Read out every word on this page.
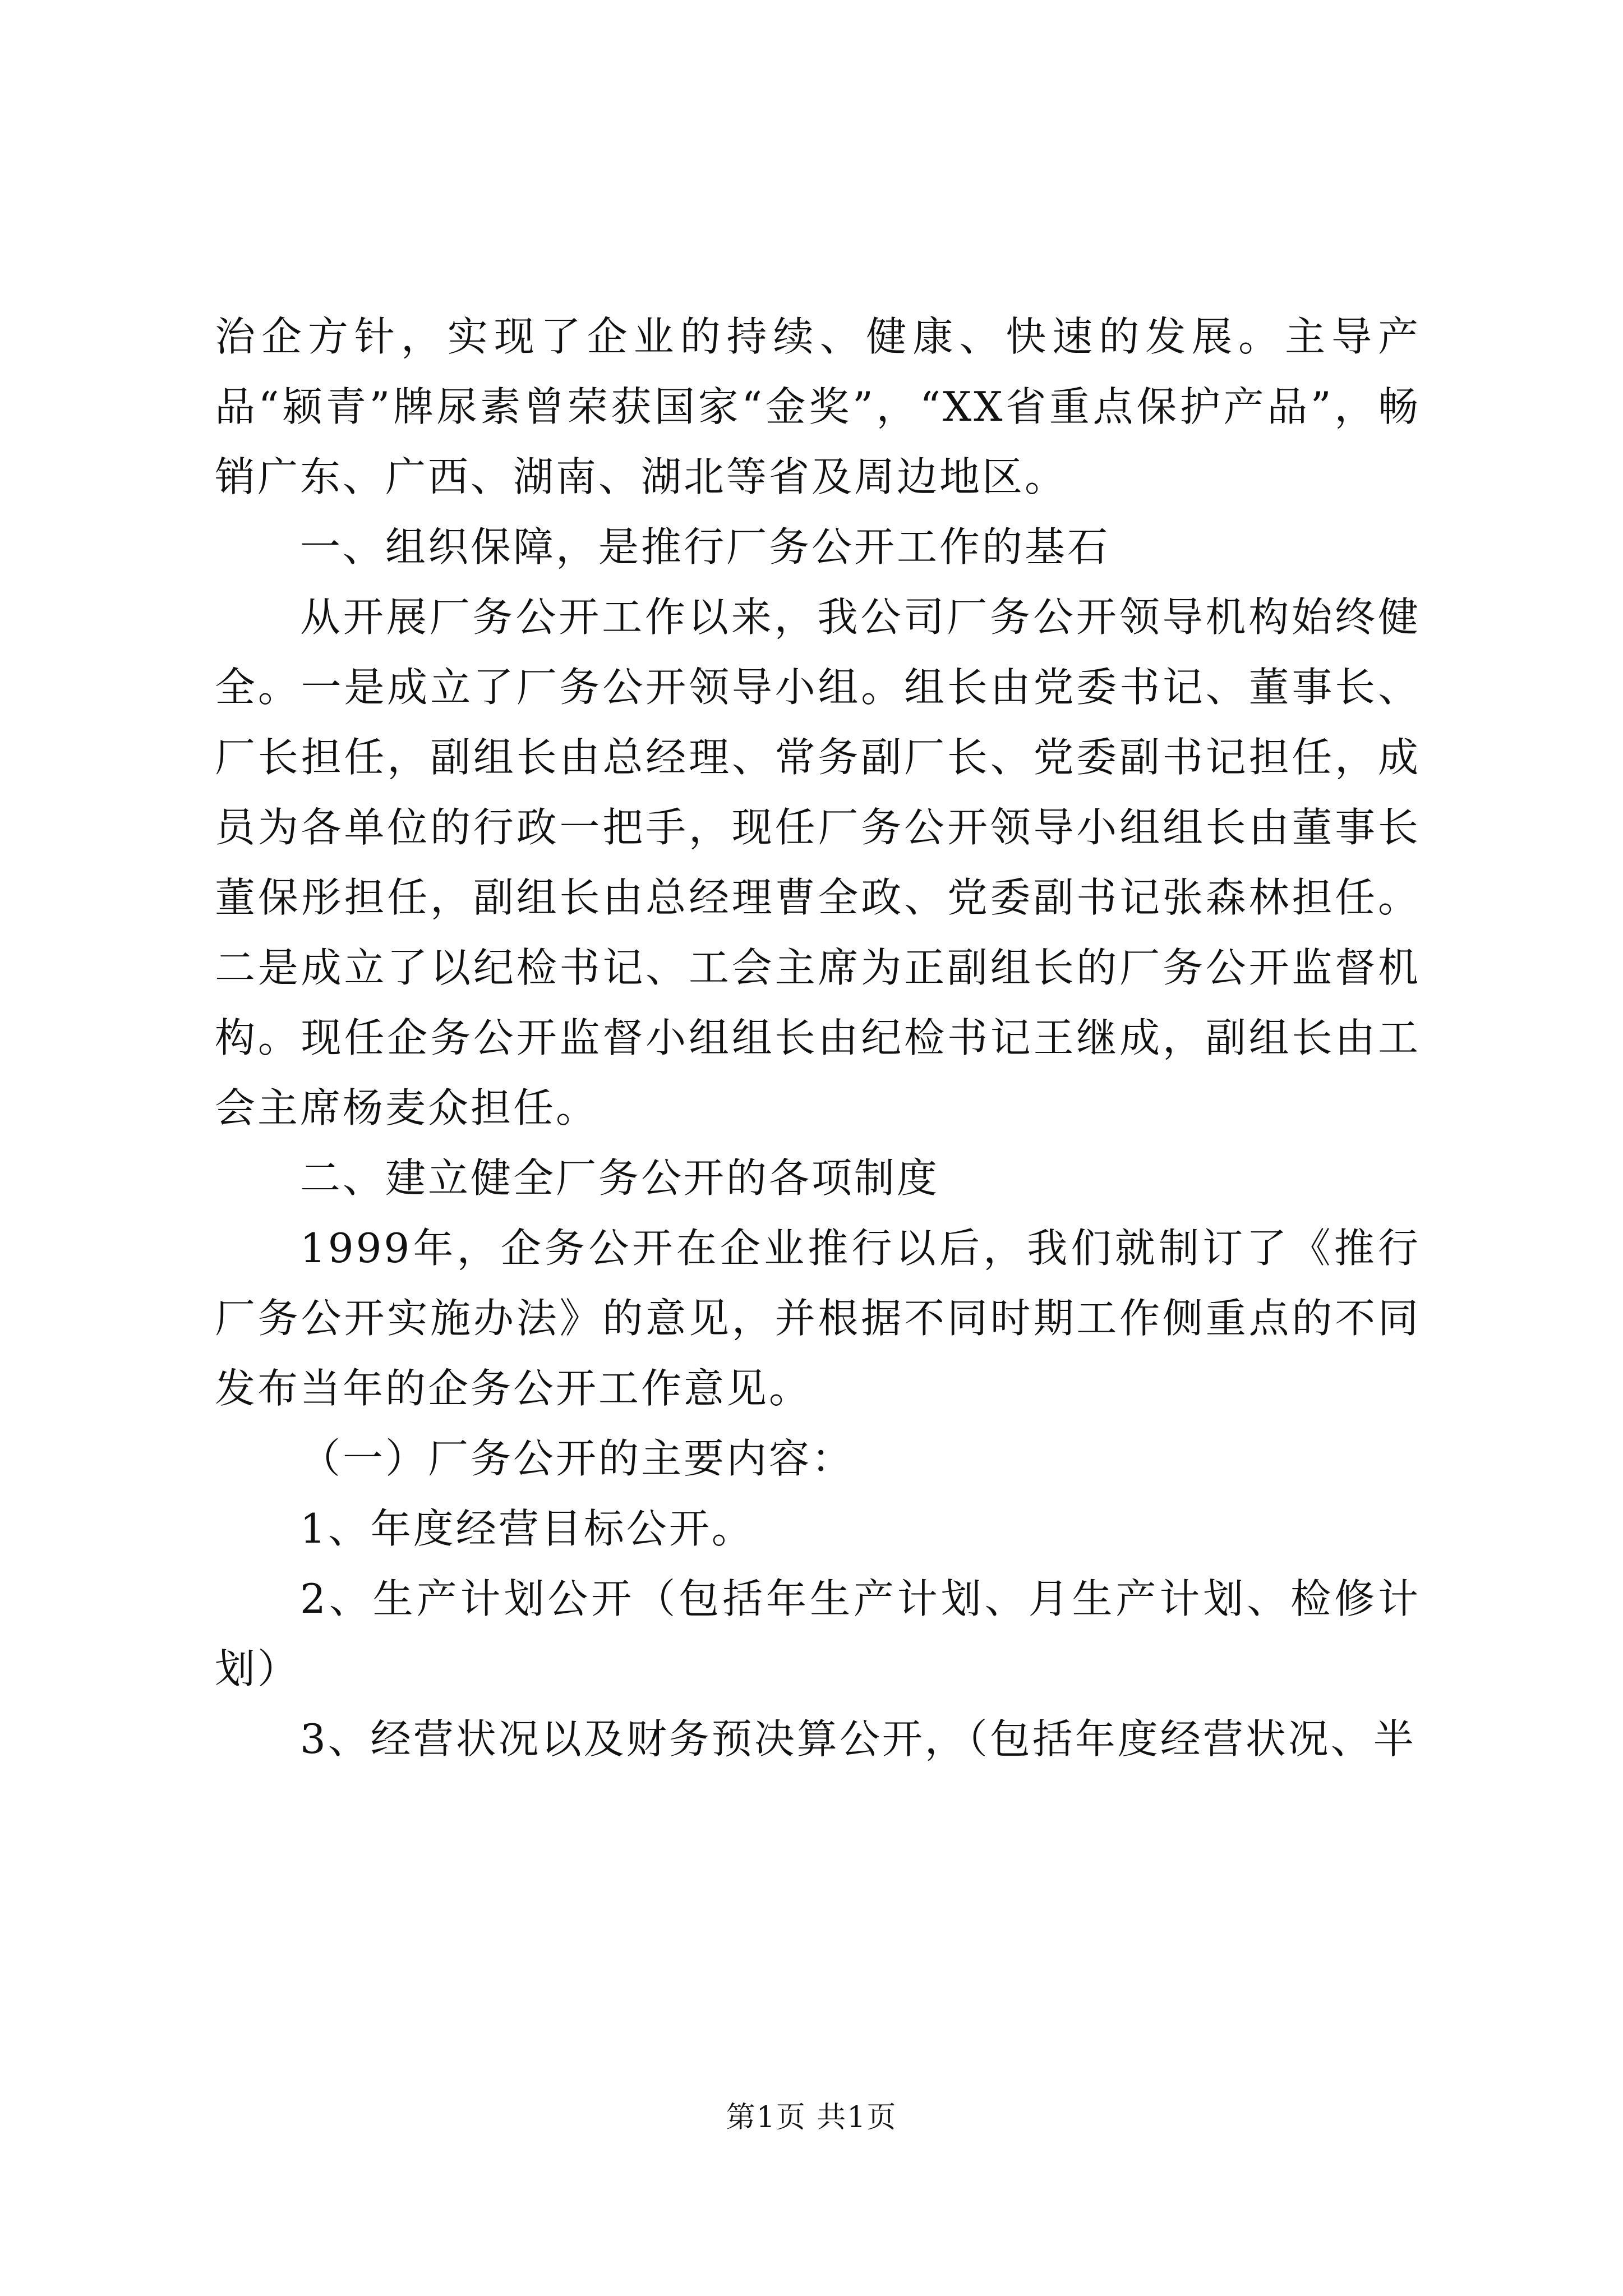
治企方针，实现了企业的持续、健康、快速的发展。主导产品“颍青”牌尿素曾荣获国家“金奖”，“XX省重点保护产品”，畅销广东、广西、湖南、湖北等省及周边地区。

一、组织保障，是推行厂务公开工作的基石

从开展厂务公开工作以来，我公司厂务公开领导机构始终健全。一是成立了厂务公开领导小组。组长由党委书记、董事长、厂长担任，副组长由总经理、常务副厂长、党委副书记担任，成员为各单位的行政一把手，现任厂务公开领导小组组长由董事长董保彤担任，副组长由总经理曹全政、党委副书记张森林担任。二是成立了以纪检书记、工会主席为正副组长的厂务公开监督机构。现任企务公开监督小组组长由纪检书记王继成，副组长由工会主席杨麦众担任。

二、建立健全厂务公开的各项制度

1999年，企务公开在企业推行以后，我们就制订了《推行厂务公开实施办法》的意见，并根据不同时期工作侧重点的不同发布当年的企务公开工作意见。

（一）厂务公开的主要内容：

1、年度经营目标公开。

2、生产计划公开（包括年生产计划、月生产计划、检修计划）

3、经营状况以及财务预决算公开，（包括年度经营状况、半

第1页 共1页
